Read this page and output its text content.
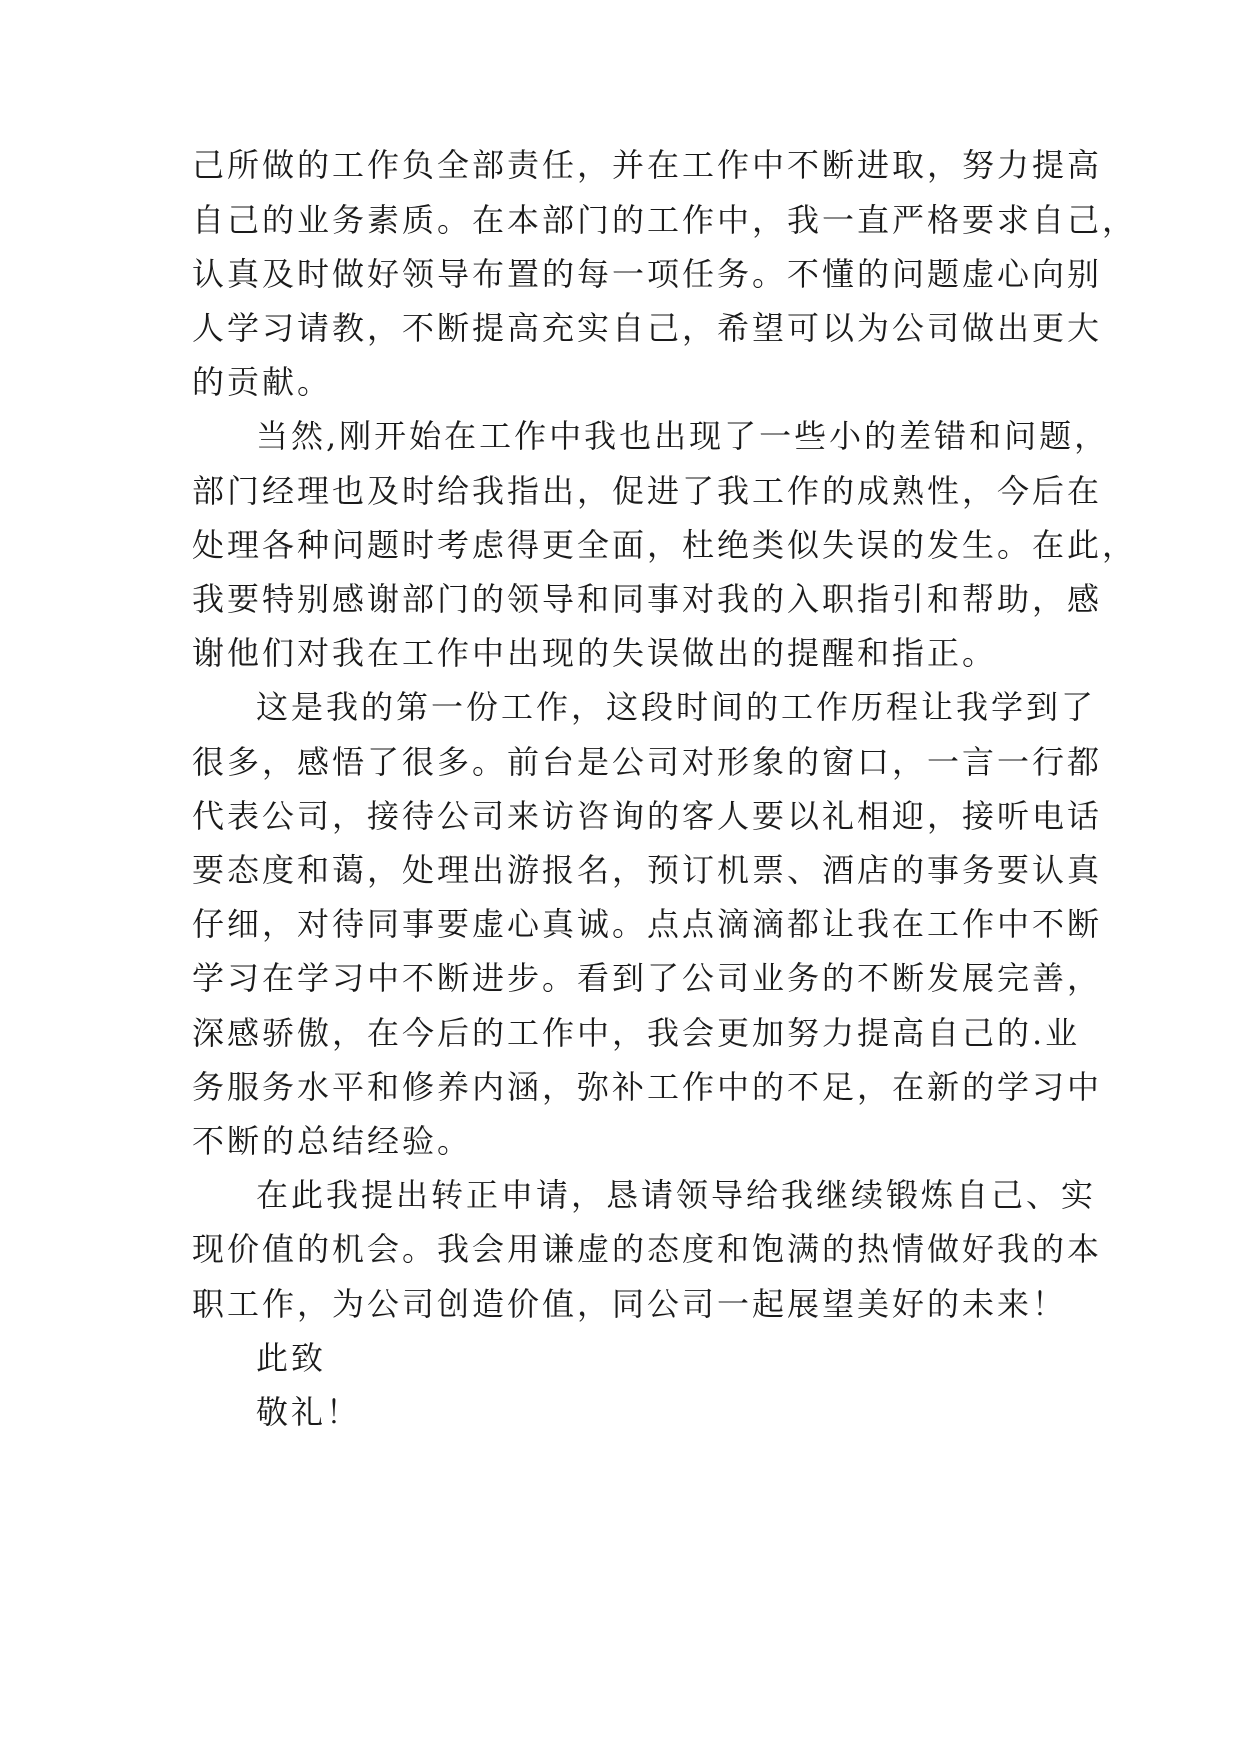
己所做的工作负全部责任，并在工作中不断进取，努力提高
自己的业务素质。在本部门的工作中，我一直严格要求自己，
认真及时做好领导布置的每一项任务。不懂的问题虚心向别
人学习请教，不断提高充实自己，希望可以为公司做出更大
的贡献。
当然,刚开始在工作中我也出现了一些小的差错和问题，
部门经理也及时给我指出，促进了我工作的成熟性，今后在
处理各种问题时考虑得更全面，杜绝类似失误的发生。在此，
我要特别感谢部门的领导和同事对我的入职指引和帮助，感
谢他们对我在工作中出现的失误做出的提醒和指正。
这是我的第一份工作，这段时间的工作历程让我学到了
很多，感悟了很多。前台是公司对形象的窗口，一言一行都
代表公司，接待公司来访咨询的客人要以礼相迎，接听电话
要态度和蔼，处理出游报名，预订机票、酒店的事务要认真
仔细，对待同事要虚心真诚。点点滴滴都让我在工作中不断
学习在学习中不断进步。看到了公司业务的不断发展完善，
深感骄傲，在今后的工作中，我会更加努力提高自己的.业
务服务水平和修养内涵，弥补工作中的不足，在新的学习中
不断的总结经验。
在此我提出转正申请，恳请领导给我继续锻炼自己、实
现价值的机会。我会用谦虚的态度和饱满的热情做好我的本
职工作，为公司创造价值，同公司一起展望美好的未来！
此致
敬礼！
